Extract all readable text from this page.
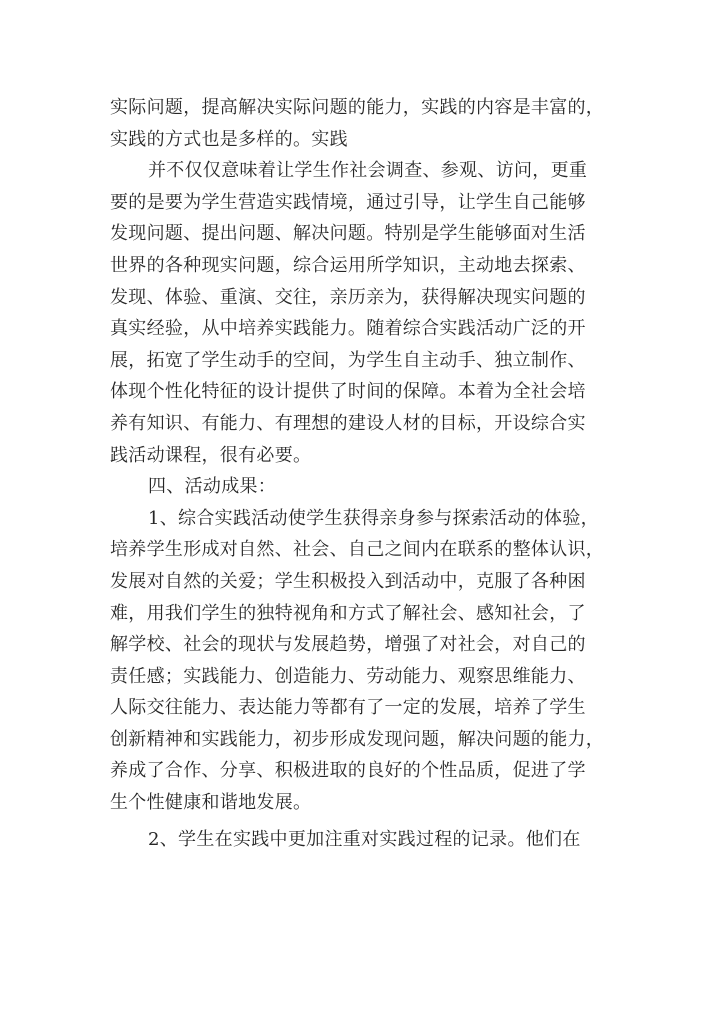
实际问题，提高解决实际问题的能力，实践的内容是丰富的，
实践的方式也是多样的。实践
并不仅仅意味着让学生作社会调查、参观、访问，更重
要的是要为学生营造实践情境，通过引导，让学生自己能够
发现问题、提出问题、解决问题。特别是学生能够面对生活
世界的各种现实问题，综合运用所学知识，主动地去探索、
发现、体验、重演、交往，亲历亲为，获得解决现实问题的
真实经验，从中培养实践能力。随着综合实践活动广泛的开
展，拓宽了学生动手的空间，为学生自主动手、独立制作、
体现个性化特征的设计提供了时间的保障。本着为全社会培
养有知识、有能力、有理想的建设人材的目标，开设综合实
践活动课程，很有必要。
四、活动成果：
1、综合实践活动使学生获得亲身参与探索活动的体验，
培养学生形成对自然、社会、自己之间内在联系的整体认识，
发展对自然的关爱；学生积极投入到活动中，克服了各种困
难，用我们学生的独特视角和方式了解社会、感知社会，了
解学校、社会的现状与发展趋势，增强了对社会，对自己的
责任感；实践能力、创造能力、劳动能力、观察思维能力、
人际交往能力、表达能力等都有了一定的发展，培养了学生
创新精神和实践能力，初步形成发现问题，解决问题的能力，
养成了合作、分享、积极进取的良好的个性品质，促进了学
生个性健康和谐地发展。
2、学生在实践中更加注重对实践过程的记录。他们在
